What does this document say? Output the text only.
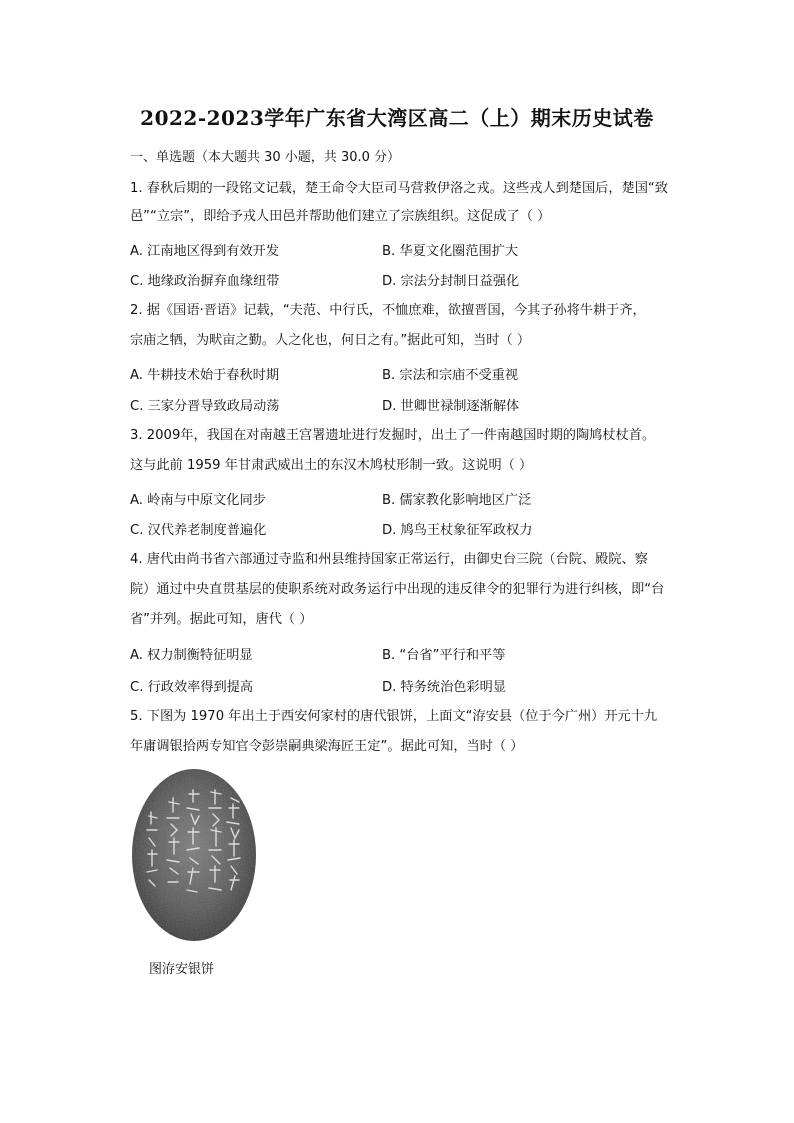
2022-2023学年广东省大湾区高二（上）期末历史试卷
一、单选题（本大题共 30 小题，共 30.0 分）
1. 春秋后期的一段铭文记载，楚王命令大臣司马营救伊洛之戎。这些戎人到楚国后，楚国“致
邑”“立宗”，即给予戎人田邑并帮助他们建立了宗族组织。这促成了（ ）
A. 江南地区得到有效开发	B. 华夏文化圈范围扩大
C. 地缘政治摒弃血缘纽带	D. 宗法分封制日益强化
2. 据《国语·晋语》记载，“夫范、中行氏，不恤庶难，欲擅晋国，今其子孙将牛耕于齐，
宗庙之牺，为畎亩之勤。人之化也，何日之有。”据此可知，当时（ ）
A. 牛耕技术始于春秋时期	B. 宗法和宗庙不受重视
C. 三家分晋导致政局动荡	D. 世卿世禄制逐渐解体
3. 2009年，我国在对南越王宫署遗址进行发掘时，出土了一件南越国时期的陶鸠杖杖首。
这与此前 1959 年甘肃武威出土的东汉木鸠杖形制一致。这说明（ ）
A. 岭南与中原文化同步	B. 儒家教化影响地区广泛
C. 汉代养老制度普遍化	D. 鸠鸟王杖象征军政权力
4. 唐代由尚书省六部通过寺监和州县维持国家正常运行，由御史台三院（台院、殿院、察
院）通过中央直贯基层的使职系统对政务运行中出现的违反律令的犯罪行为进行纠核，即“台
省”并列。据此可知，唐代（ ）
A. 权力制衡特征明显	B. “台省”平行和平等
C. 行政效率得到提高	D. 特务统治色彩明显
5. 下图为 1970 年出土于西安何家村的唐代银饼，上面文“洊安县（位于今广州）开元十九
年庸调银拾两专知官令彭崇嗣典梁海匠王定”。据此可知，当时（ ）
图洊安银饼
